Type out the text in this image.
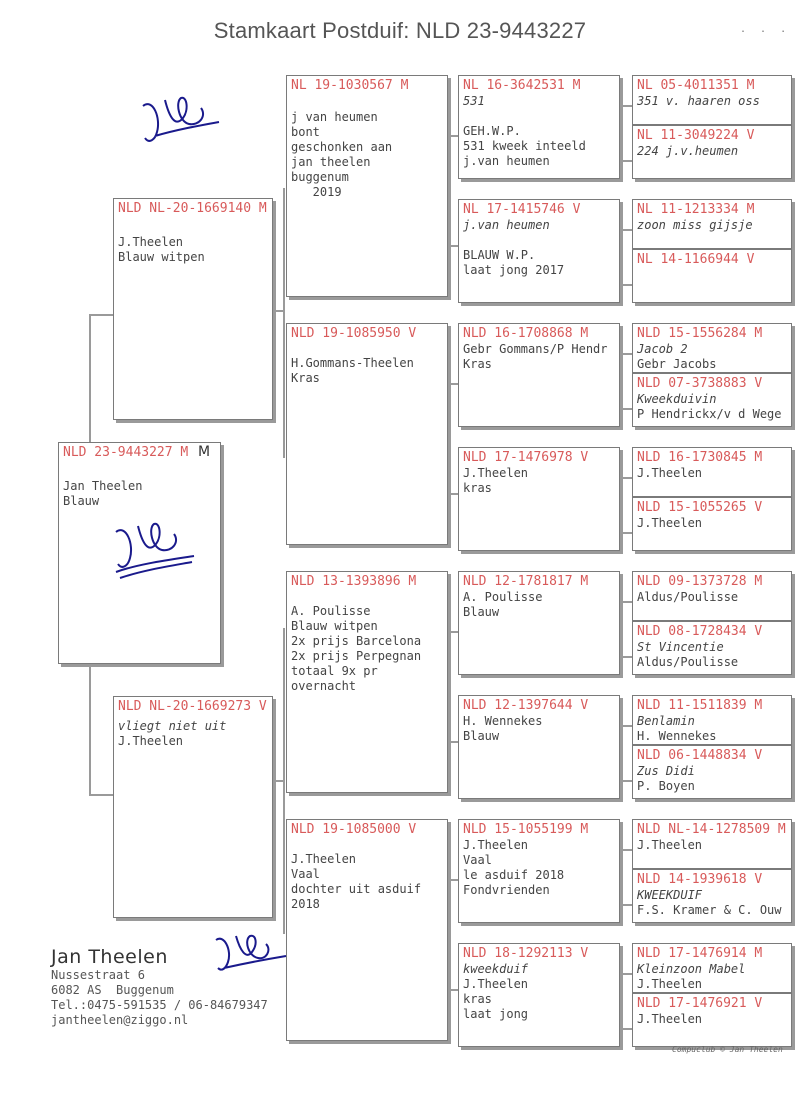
Stamkaart Postduif: NLD 23-9443227	. . .
NLD 23-9443227 M
Jan Theelen
Blauw
NLD NL-20-1669140 M
J.Theelen
Blauw witpen
NLD NL-20-1669273 V
vliegt niet uit
J.Theelen
NL 19-1030567 M
j van heumen
bont
geschonken aan
jan theelen
buggenum
2019
NLD 19-1085950 V
H.Gommans-Theelen
Kras
NLD 13-1393896 M
A. Poulisse
Blauw witpen
2x prijs Barcelona
2x prijs Perpegnan
totaal 9x pr
overnacht
NLD 19-1085000 V
J.Theelen
Vaal
dochter uit asduif
2018
NL 16-3642531 M
531
GEH.W.P.
531 kweek inteeld
j.van heumen
NL 17-1415746 V
j.van heumen
BLAUW W.P.
laat jong 2017
NLD 16-1708868 M
Gebr Gommans/P Hendr
Kras
NLD 17-1476978 V
J.Theelen
kras
NLD 12-1781817 M
A. Poulisse
Blauw
NLD 12-1397644 V
H. Wennekes
Blauw
NLD 15-1055199 M
J.Theelen
Vaal
le asduif 2018
Fondvrienden
NLD 18-1292113 V
kweekduif
J.Theelen
kras
laat jong
NL 05-4011351 M
351 v. haaren oss
NL 11-3049224 V
224 j.v.heumen
NL 11-1213334 M
zoon miss gijsje
NL 14-1166944 V
NLD 15-1556284 M
Jacob 2
Gebr Jacobs
NLD 07-3738883 V
Kweekduivin
P Hendrickx/v d Wege
NLD 16-1730845 M
J.Theelen
NLD 15-1055265 V
J.Theelen
NLD 09-1373728 M
Aldus/Poulisse
NLD 08-1728434 V
St Vincentie
Aldus/Poulisse
NLD 11-1511839 M
Benlamin
H. Wennekes
NLD 06-1448834 V
Zus Didi
P. Boyen
NLD NL-14-1278509 M
J.Theelen
NLD 14-1939618 V
KWEEKDUIF
F.S. Kramer & C. Ouw
NLD 17-1476914 M
Kleinzoon Mabel
J.Theelen
NLD 17-1476921 V
J.Theelen
M
Jan Theelen
Nussestraat 6
6082 AS  Buggenum
Tel.:0475-591535 / 06-84679347
jantheelen@ziggo.nl
Compuclub © Jan Theelen
